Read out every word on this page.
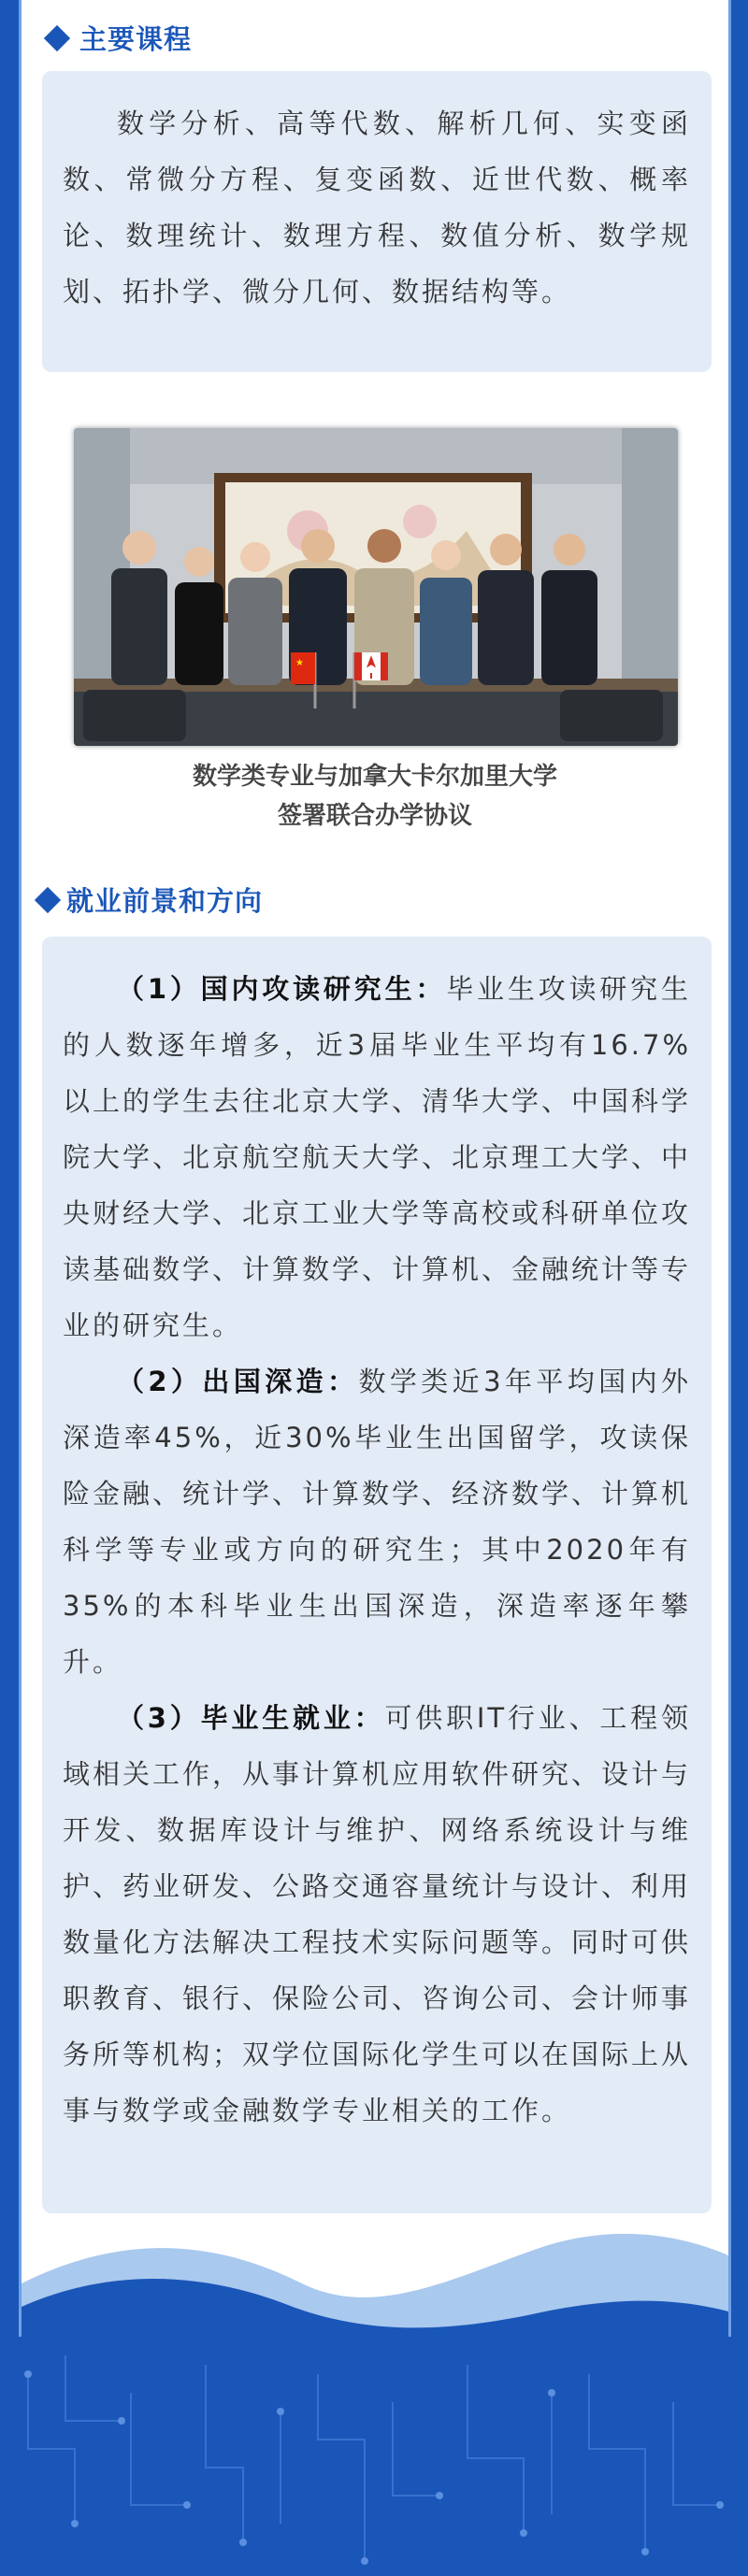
主要课程

数学分析、高等代数、解析几何、实变函数、常微分方程、复变函数、近世代数、概率论、数理统计、数理方程、数值分析、数学规划、拓扑学、微分几何、数据结构等。

★
数学类专业与加拿大卡尔加里大学
签署联合办学协议
就业前景和方向

（1）国内攻读研究生：毕业生攻读研究生的人数逐年增多，近3届毕业生平均有16.7%以上的学生去往北京大学、清华大学、中国科学院大学、北京航空航天大学、北京理工大学、中央财经大学、北京工业大学等高校或科研单位攻读基础数学、计算数学、计算机、金融统计等专业的研究生。

（2）出国深造：数学类近3年平均国内外深造率45%，近30%毕业生出国留学，攻读保险金融、统计学、计算数学、经济数学、计算机科学等专业或方向的研究生；其中2020年有35%的本科毕业生出国深造，深造率逐年攀升。

（3）毕业生就业：可供职IT行业、工程领域相关工作，从事计算机应用软件研究、设计与开发、数据库设计与维护、网络系统设计与维护、药业研发、公路交通容量统计与设计、利用数量化方法解决工程技术实际问题等。同时可供职教育、银行、保险公司、咨询公司、会计师事务所等机构；双学位国际化学生可以在国际上从事与数学或金融数学专业相关的工作。
